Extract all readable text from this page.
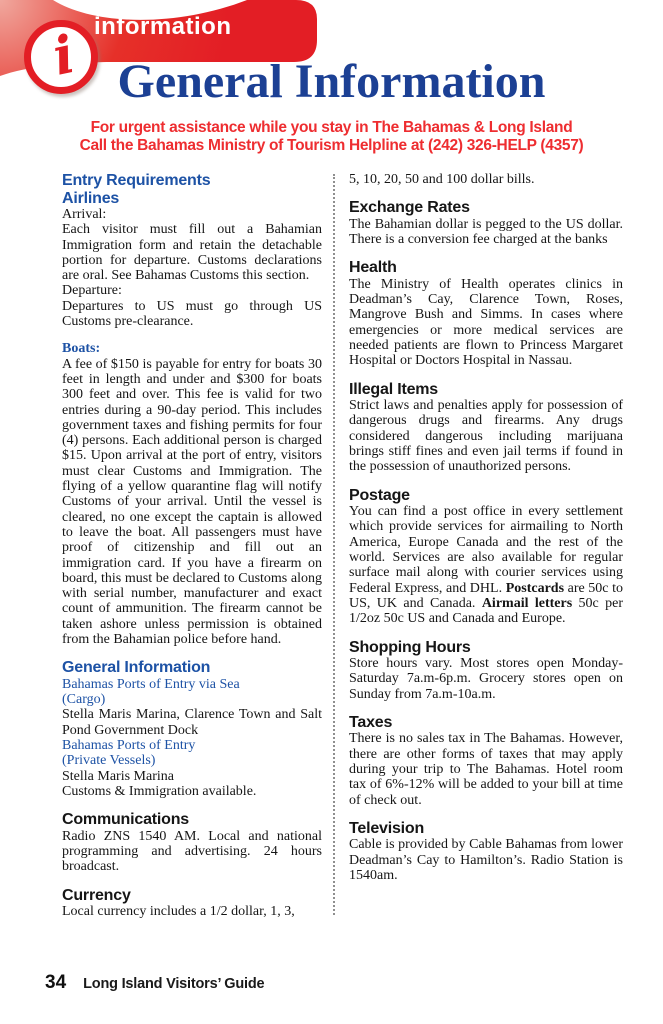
i information
General Information
For urgent assistance while you stay in The Bahamas & Long Island
Call the Bahamas Ministry of Tourism Helpline at (242) 326-HELP (4357)
Entry Requirements
Airlines
Arrival:
Each visitor must fill out a Bahamian Immigration form and retain the detachable portion for departure. Customs declarations are oral. See Bahamas Customs this section.
Departure:
Departures to US must go through US Customs pre-clearance.
Boats:
A fee of $150 is payable for entry for boats 30 feet in length and under and $300 for boats 300 feet and over. This fee is valid for two entries during a 90-day period. This includes government taxes and fishing permits for four (4) persons. Each additional person is charged $15. Upon arrival at the port of entry, visitors must clear Customs and Immigration. The flying of a yellow quarantine flag will notify Customs of your arrival. Until the vessel is cleared, no one except the captain is allowed to leave the boat. All passengers must have proof of citizenship and fill out an immigration card. If you have a firearm on board, this must be declared to Customs along with serial number, manufacturer and exact count of ammunition. The firearm cannot be taken ashore unless permission is obtained from the Bahamian police before hand.
General Information
Bahamas Ports of Entry via Sea
(Cargo)
Stella Maris Marina, Clarence Town and Salt Pond Government Dock
Bahamas Ports of Entry
(Private Vessels)
Stella Maris Marina
Customs & Immigration available.
Communications
Radio ZNS 1540 AM. Local and national programming and advertising. 24 hours broadcast.
Currency
Local currency includes a 1/2 dollar, 1, 3,
5, 10, 20, 50 and 100 dollar bills.
Exchange Rates
The Bahamian dollar is pegged to the US dollar. There is a conversion fee charged at the banks
Health
The Ministry of Health operates clinics in Deadman’s Cay, Clarence Town, Roses, Mangrove Bush and Simms. In cases where emergencies or more medical services are needed patients are flown to Princess Margaret Hospital or Doctors Hospital in Nassau.
Illegal Items
Strict laws and penalties apply for possession of dangerous drugs and firearms. Any drugs considered dangerous including marijuana brings stiff fines and even jail terms if found in the possession of unauthorized persons.
Postage
You can find a post office in every settlement which provide services for airmailing to North America, Europe Canada and the rest of the world. Services are also available for regular surface mail along with courier services using Federal Express, and DHL. Postcards are 50c to US, UK and Canada. Airmail letters 50c per 1/2oz 50c US and Canada and Europe.
Shopping Hours
Store hours vary. Most stores open Monday-Saturday 7a.m-6p.m. Grocery stores open on Sunday from 7a.m-10a.m.
Taxes
There is no sales tax in The Bahamas. However, there are other forms of taxes that may apply during your trip to The Bahamas. Hotel room tax of 6%-12% will be added to your bill at time of check out.
Television
Cable is provided by Cable Bahamas from lower Deadman’s Cay to Hamilton’s. Radio Station is 1540am.
34 Long Island Visitors’ Guide
